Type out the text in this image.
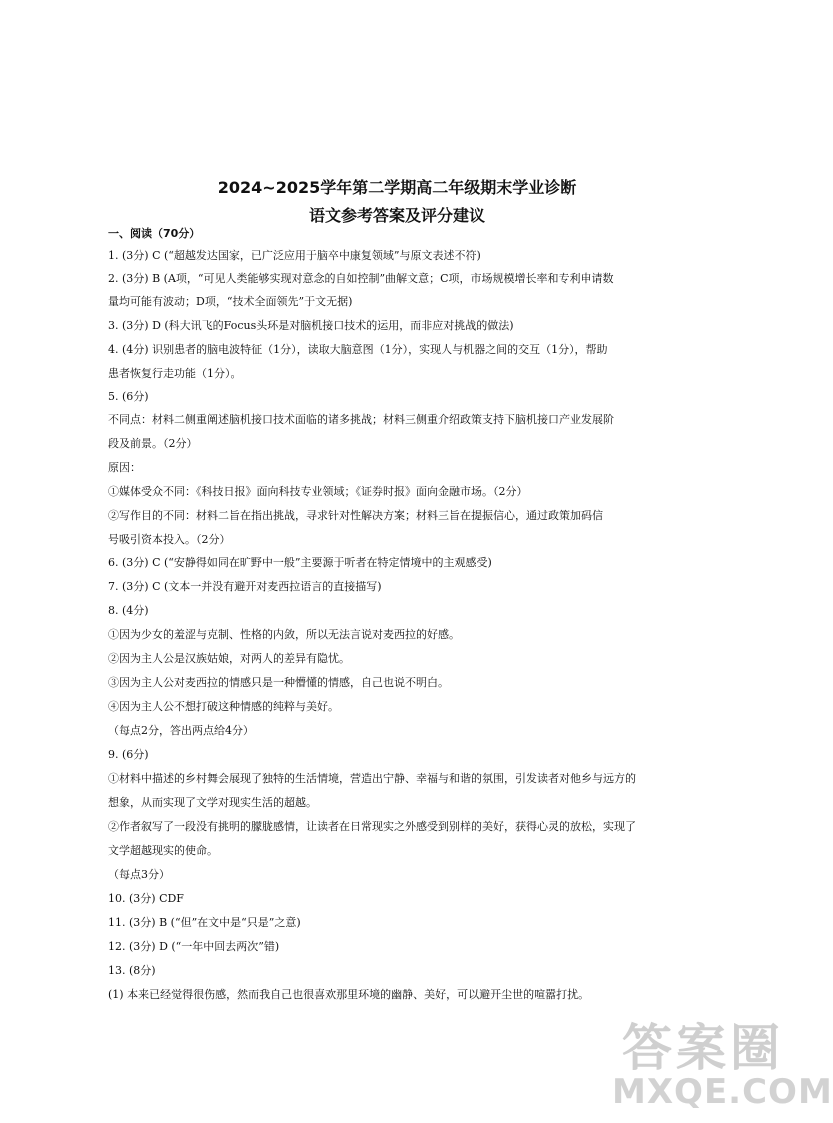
2024~2025学年第二学期高二年级期末学业诊断
语文参考答案及评分建议
一、阅读（70分）
1. (3分) C (“超越发达国家，已广泛应用于脑卒中康复领域”与原文表述不符)
2. (3分) B (A项，“可见人类能够实现对意念的自如控制”曲解文意；C项，市场规模增长率和专利申请数
量均可能有波动；D项，“技术全面领先”于文无据)
3. (3分) D (科大讯飞的Focus头环是对脑机接口技术的运用，而非应对挑战的做法)
4. (4分) 识别患者的脑电波特征（1分），读取大脑意图（1分），实现人与机器之间的交互（1分），帮助
患者恢复行走功能（1分）。
5. (6分)
不同点：材料二侧重阐述脑机接口技术面临的诸多挑战；材料三侧重介绍政策支持下脑机接口产业发展阶
段及前景。（2分）
原因：
①媒体受众不同：《科技日报》面向科技专业领域；《证券时报》面向金融市场。（2分）
②写作目的不同：材料二旨在指出挑战，寻求针对性解决方案；材料三旨在提振信心，通过政策加码信
号吸引资本投入。（2分）
6. (3分) C (“安静得如同在旷野中一般”主要源于听者在特定情境中的主观感受)
7. (3分) C (文本一并没有避开对麦西拉语言的直接描写)
8. (4分)
①因为少女的羞涩与克制、性格的内敛，所以无法言说对麦西拉的好感。
②因为主人公是汉族姑娘，对两人的差异有隐忧。
③因为主人公对麦西拉的情感只是一种懵懂的情感，自己也说不明白。
④因为主人公不想打破这种情感的纯粹与美好。
（每点2分，答出两点给4分）
9. (6分)
①材料中描述的乡村舞会展现了独特的生活情境，营造出宁静、幸福与和谐的氛围，引发读者对他乡与远方的
想象，从而实现了文学对现实生活的超越。
②作者叙写了一段没有挑明的朦胧感情，让读者在日常现实之外感受到别样的美好，获得心灵的放松，实现了
文学超越现实的使命。
（每点3分）
10. (3分) CDF
11. (3分) B (“但”在文中是“只是”之意)
12. (3分) D (“一年中回去两次”错)
13. (8分)
(1) 本来已经觉得很伤感，然而我自己也很喜欢那里环境的幽静、美好，可以避开尘世的喧嚣打扰。
答案圈
MXQE.COM
